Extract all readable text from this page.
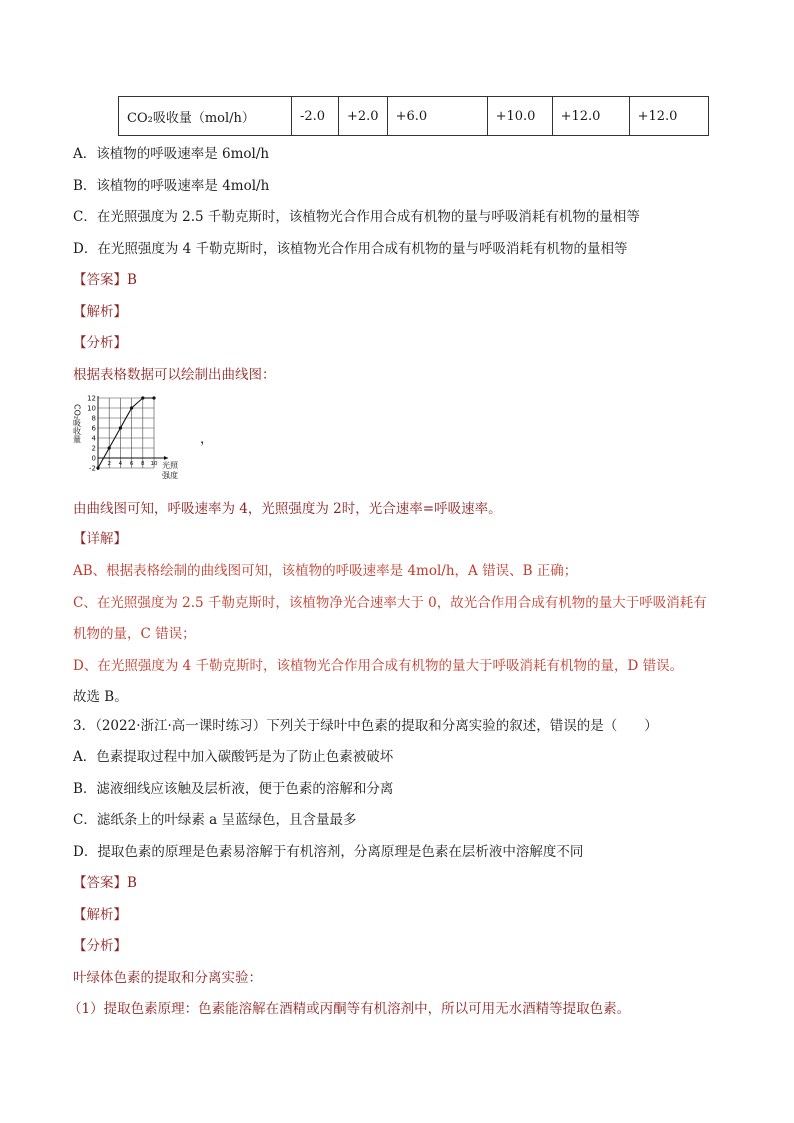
CO₂吸收量（mol/h）	-2.0	+2.0	+6.0	+10.0	+12.0	+12.0
A．该植物的呼吸速率是 6mol/h
B．该植物的呼吸速率是 4mol/h
C．在光照强度为 2.5 千勒克斯时，该植物光合作用合成有机物的量与呼吸消耗有机物的量相等
D．在光照强度为 4 千勒克斯时，该植物光合作用合成有机物的量与呼吸消耗有机物的量相等
【答案】B
【解析】
【分析】
根据表格数据可以绘制出曲线图：
-2
0
2
4
6
8
10
12
2 4 6 8 10
CO₂吸收量
光照
强度
，
由曲线图可知，呼吸速率为 4，光照强度为 2时，光合速率=呼吸速率。
【详解】
AB、根据表格绘制的曲线图可知，该植物的呼吸速率是 4mol/h，A 错误、B 正确；
C、在光照强度为 2.5 千勒克斯时，该植物净光合速率大于 0，故光合作用合成有机物的量大于呼吸消耗有
机物的量，C 错误；
D、在光照强度为 4 千勒克斯时，该植物光合作用合成有机物的量大于呼吸消耗有机物的量，D 错误。
故选 B。
3．（2022·浙江·高一课时练习）下列关于绿叶中色素的提取和分离实验的叙述，错误的是（　　）
A．色素提取过程中加入碳酸钙是为了防止色素被破坏
B．滤液细线应该触及层析液，便于色素的溶解和分离
C．滤纸条上的叶绿素 a 呈蓝绿色，且含量最多
D．提取色素的原理是色素易溶解于有机溶剂，分离原理是色素在层析液中溶解度不同
【答案】B
【解析】
【分析】
叶绿体色素的提取和分离实验：
（1）提取色素原理：色素能溶解在酒精或丙酮等有机溶剂中，所以可用无水酒精等提取色素。
